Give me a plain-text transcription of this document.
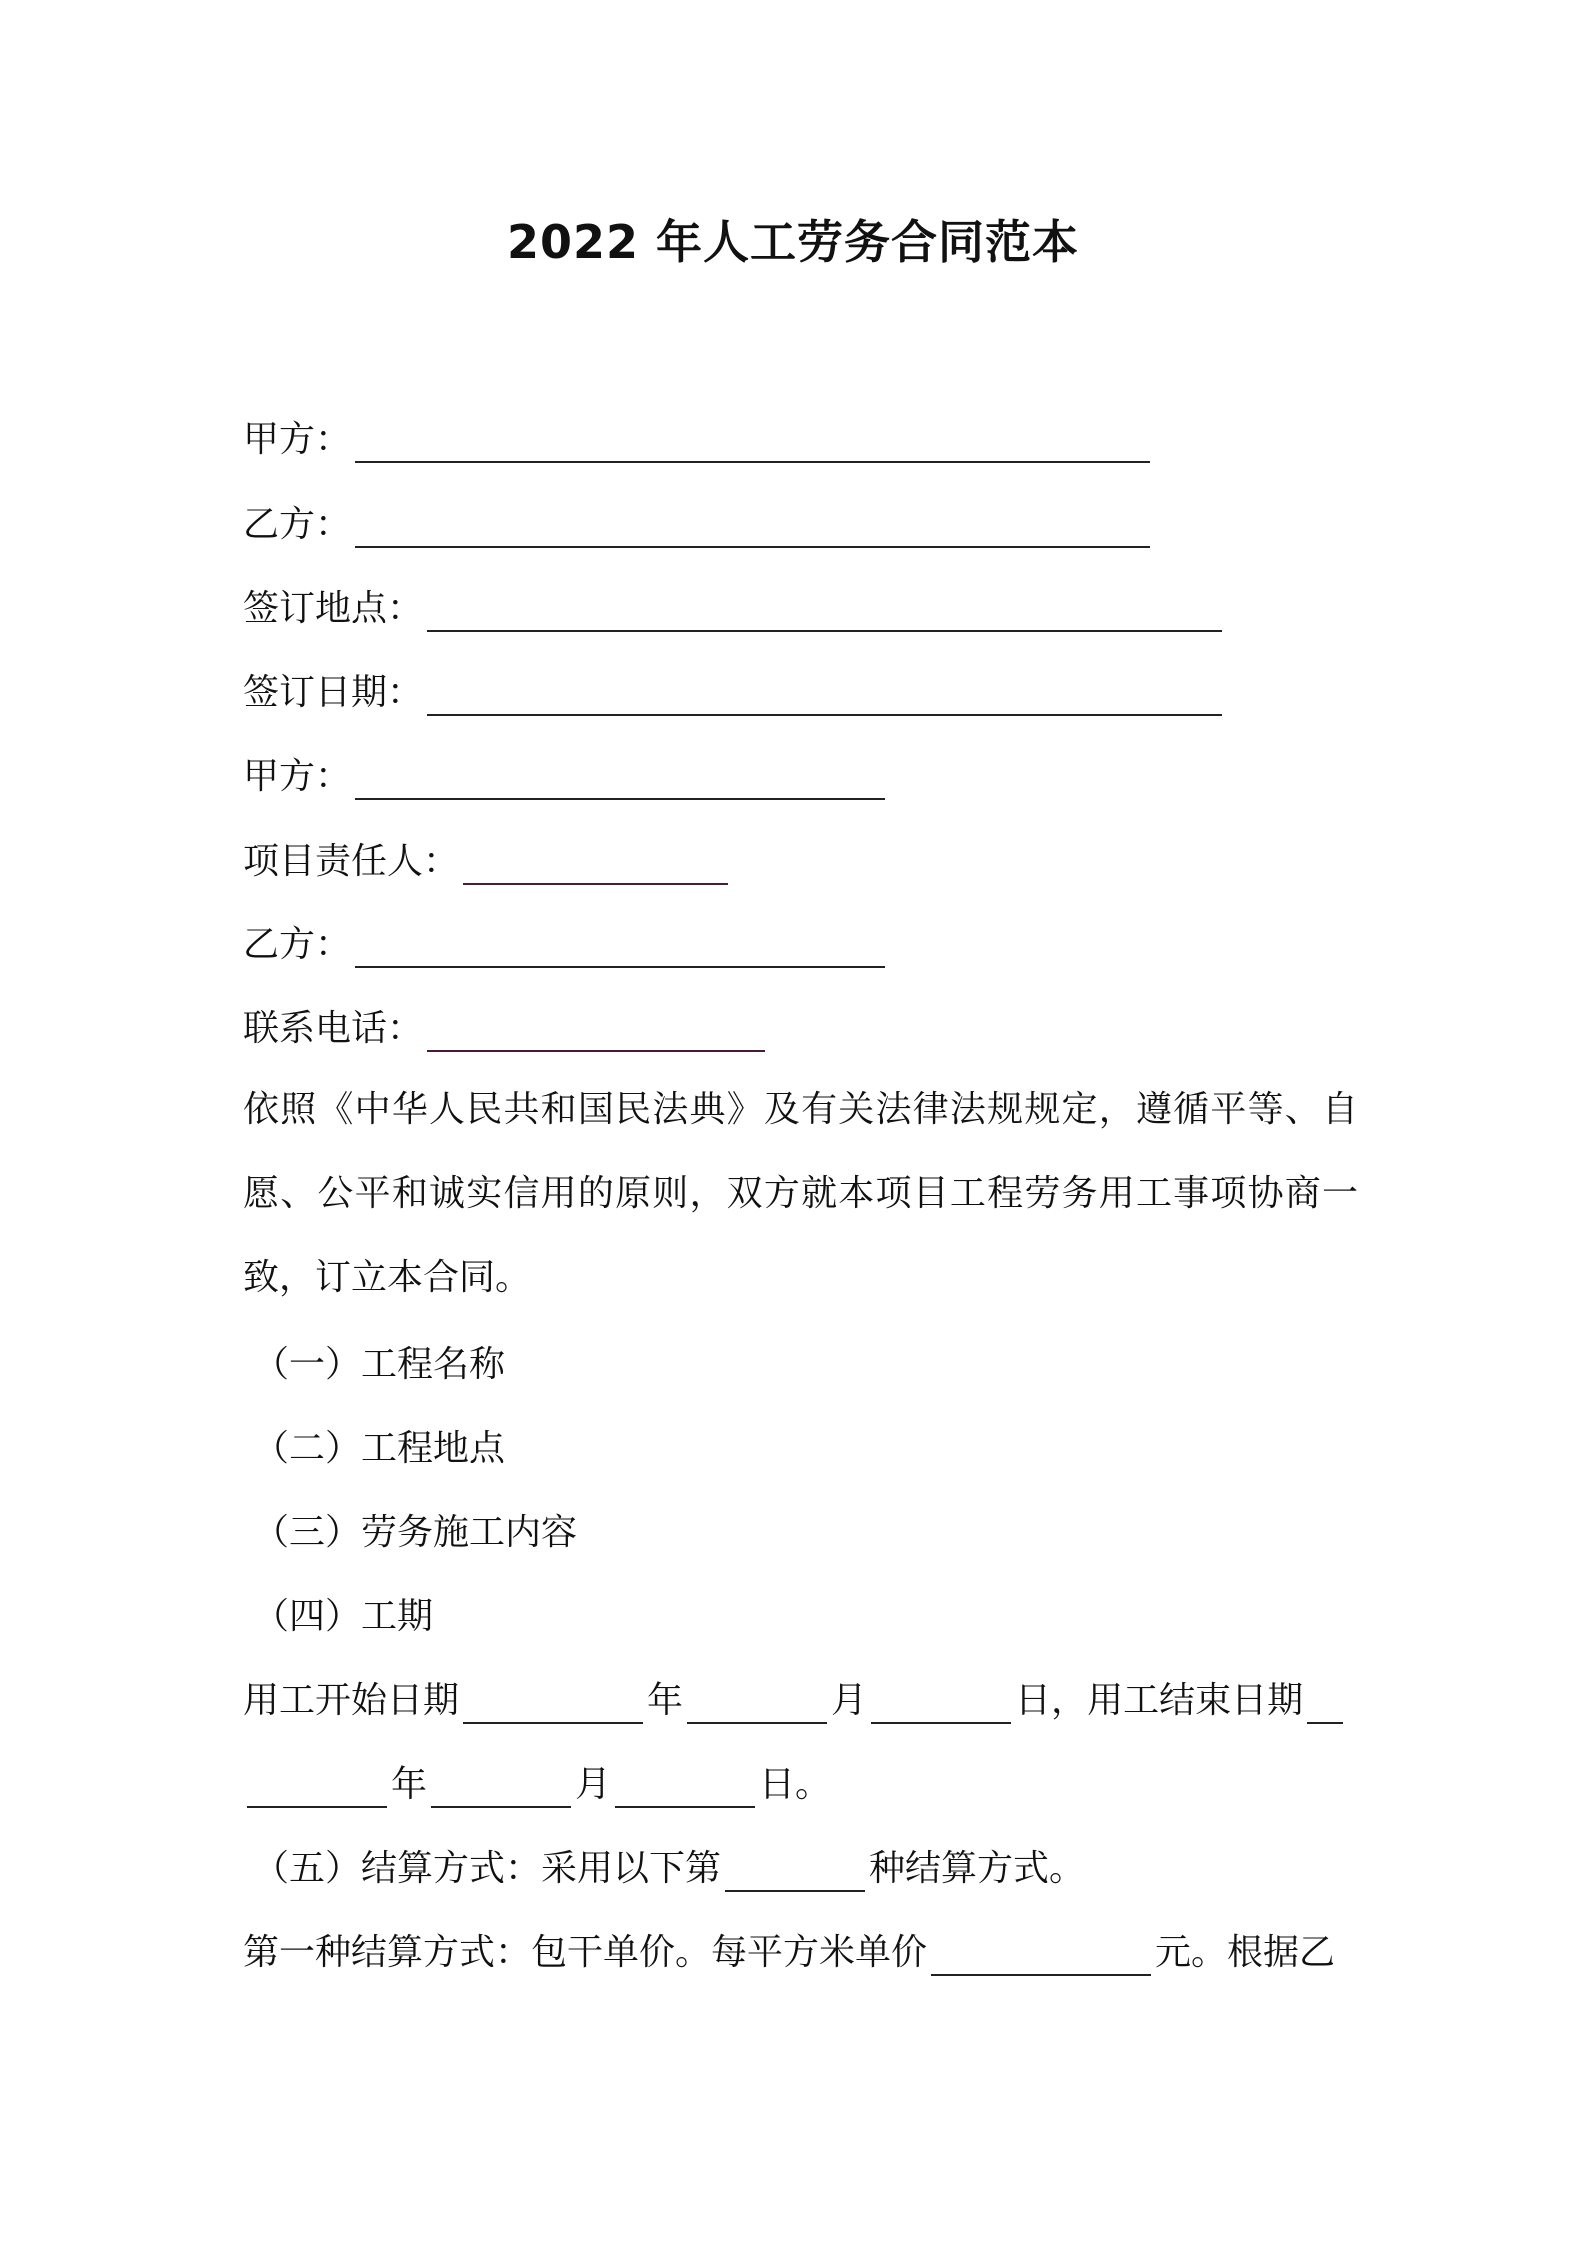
2022 年人工劳务合同范本
甲方：
乙方：
签订地点：
签订日期：
甲方：
项目责任人：
乙方：
联系电话：
依照《中华人民共和国民法典》及有关法律法规规定，遵循平等、自愿、公平和诚实信用的原则，双方就本项目工程劳务用工事项协商一致，订立本合同。
（一）工程名称
（二）工程地点
（三）劳务施工内容
（四）工期
用工开始日期	年	月	日， 用工结束日期
年	月	日。
（五）结算方式：采用以下第	种结算方式。
第一种结算方式：包干单价。每平方米单价	元。根据乙
